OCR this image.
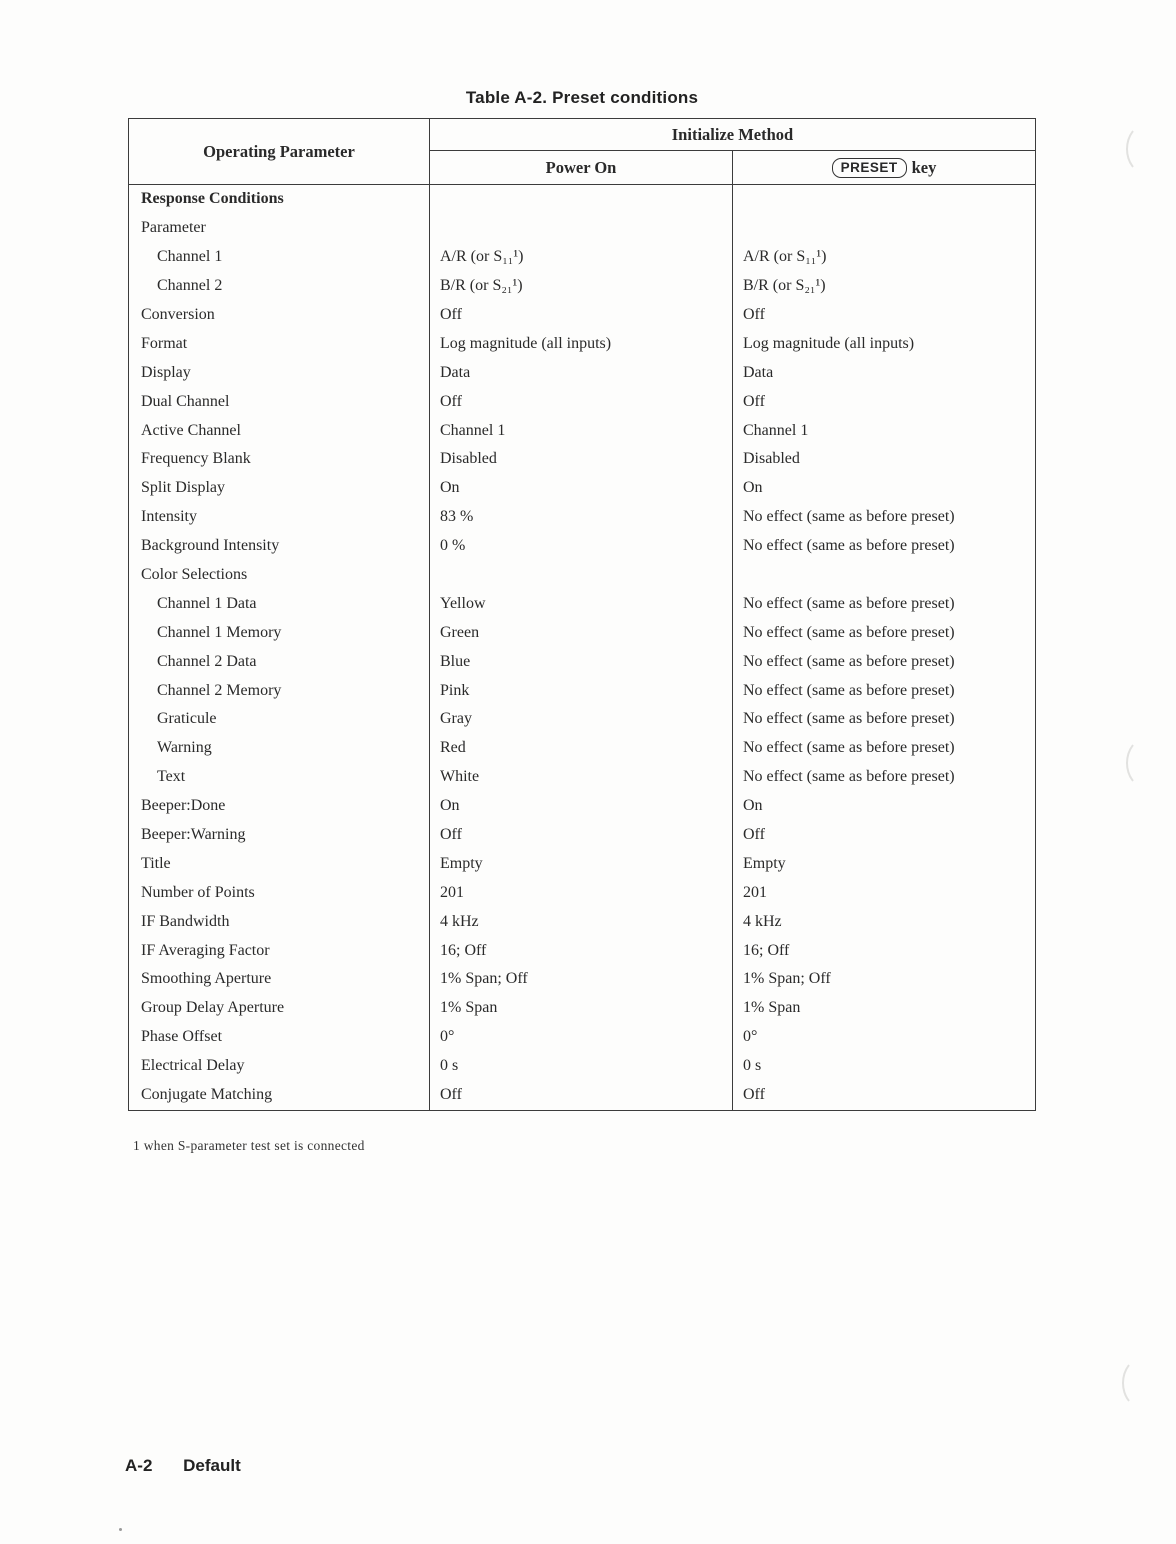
Table A-2. Preset conditions
Operating Parameter
Initialize Method
Power On	PRESET key
Response Conditions
Parameter
Channel 1	A/R (or S₁₁¹)	A/R (or S₁₁¹)
Channel 2	B/R (or S₂₁¹)	B/R (or S₂₁¹)
Conversion	Off	Off
Format	Log magnitude (all inputs)	Log magnitude (all inputs)
Display	Data	Data
Dual Channel	Off	Off
Active Channel	Channel 1	Channel 1
Frequency Blank	Disabled	Disabled
Split Display	On	On
Intensity	83 %	No effect (same as before preset)
Background Intensity	0 %	No effect (same as before preset)
Color Selections
Channel 1 Data	Yellow	No effect (same as before preset)
Channel 1 Memory	Green	No effect (same as before preset)
Channel 2 Data	Blue	No effect (same as before preset)
Channel 2 Memory	Pink	No effect (same as before preset)
Graticule	Gray	No effect (same as before preset)
Warning	Red	No effect (same as before preset)
Text	White	No effect (same as before preset)
Beeper:Done	On	On
Beeper:Warning	Off	Off
Title	Empty	Empty
Number of Points	201	201
IF Bandwidth	4 kHz	4 kHz
IF Averaging Factor	16; Off	16; Off
Smoothing Aperture	1% Span; Off	1% Span; Off
Group Delay Aperture	1% Span	1% Span
Phase Offset	0°	0°
Electrical Delay	0 s	0 s
Conjugate Matching	Off	Off
1 when S-parameter test set is connected
A-2 Default
